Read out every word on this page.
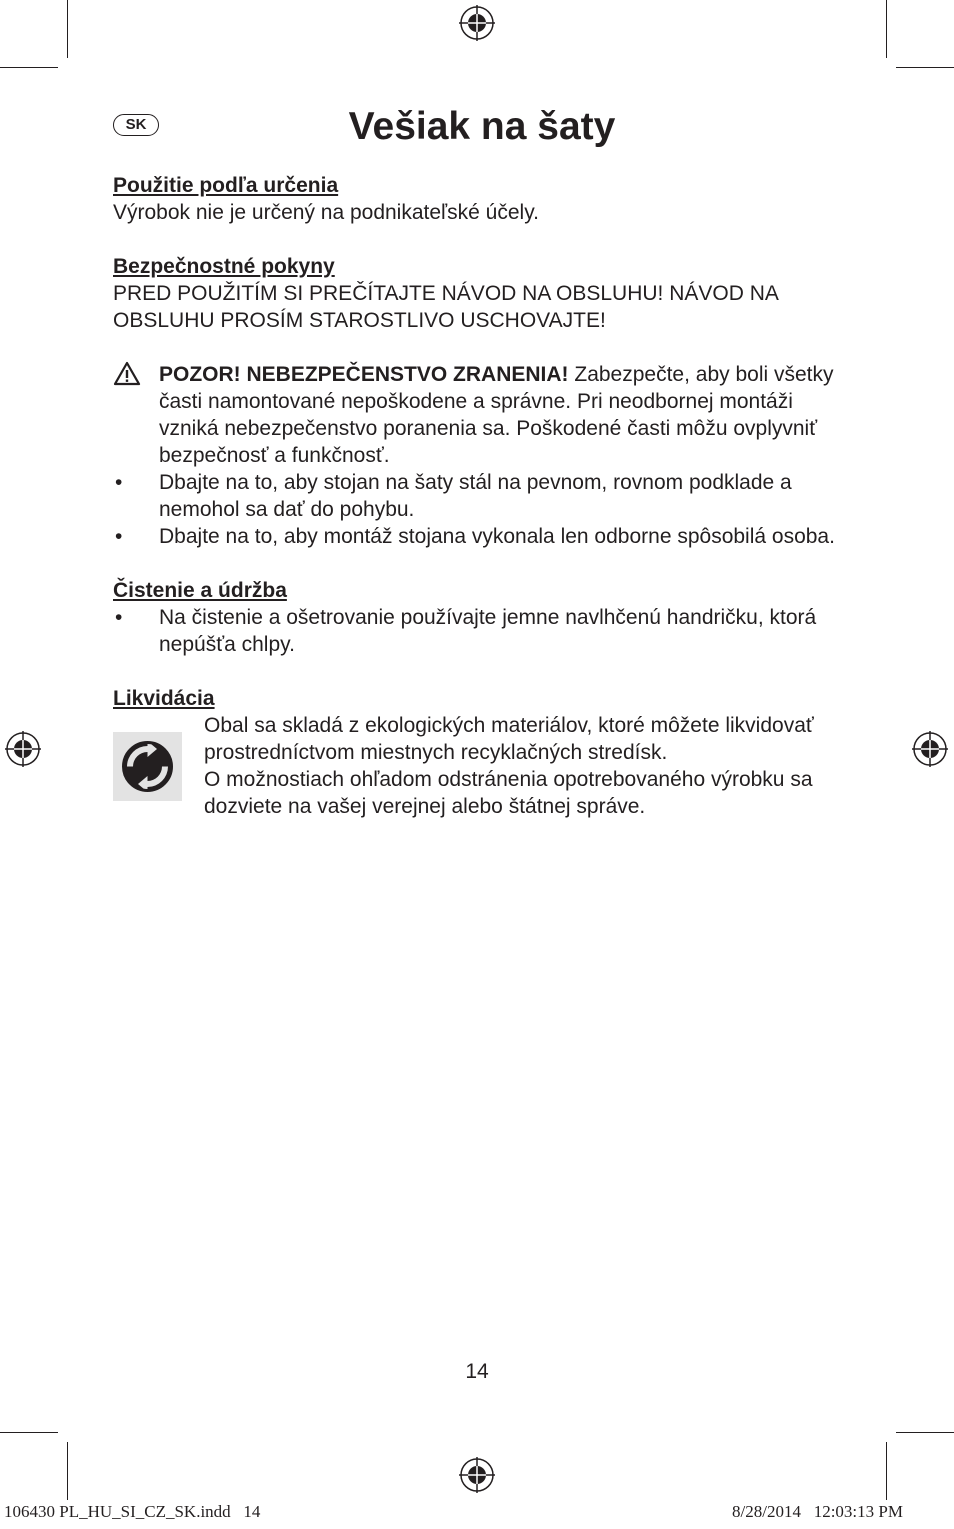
SK	Vešiak na šaty

Použitie podľa určenia

Výrobok nie je určený na podnikateľské účely.

Bezpečnostné pokyny

PRED POUŽITÍM SI PREČÍTAJTE NÁVOD NA OBSLUHU! NÁVOD NA OBSLUHU PROSÍM STAROSTLIVO USCHOVAJTE!

POZOR! NEBEZPEČENSTVO ZRANENIA! Zabezpečte, aby boli všetky časti namontované nepoškodene a správne. Pri neodbornej montáži vzniká nebezpečenstvo poranenia sa. Poškodené časti môžu ovplyvniť bezpečnosť a funkčnosť.
•	Dbajte na to, aby stojan na šaty stál na pevnom, rovnom podklade a nemohol sa dať do pohybu.
•	Dbajte na to, aby montáž stojana vykonala len odborne spôsobilá osoba.

Čistenie a údržba

•	Na čistenie a ošetrovanie používajte jemne navlhčenú handričku, ktorá nepúšťa chlpy.

Likvidácia

Obal sa skladá z ekologických materiálov, ktoré môžete likvidovať prostredníctvom miestnych recyklačných stredísk.

O možnostiach ohľadom odstránenia opotrebovaného výrobku sa dozviete na vašej verejnej alebo štátnej správe.

14
106430 PL_HU_SI_CZ_SK.indd   14	8/28/2014   12:03:13 PM
